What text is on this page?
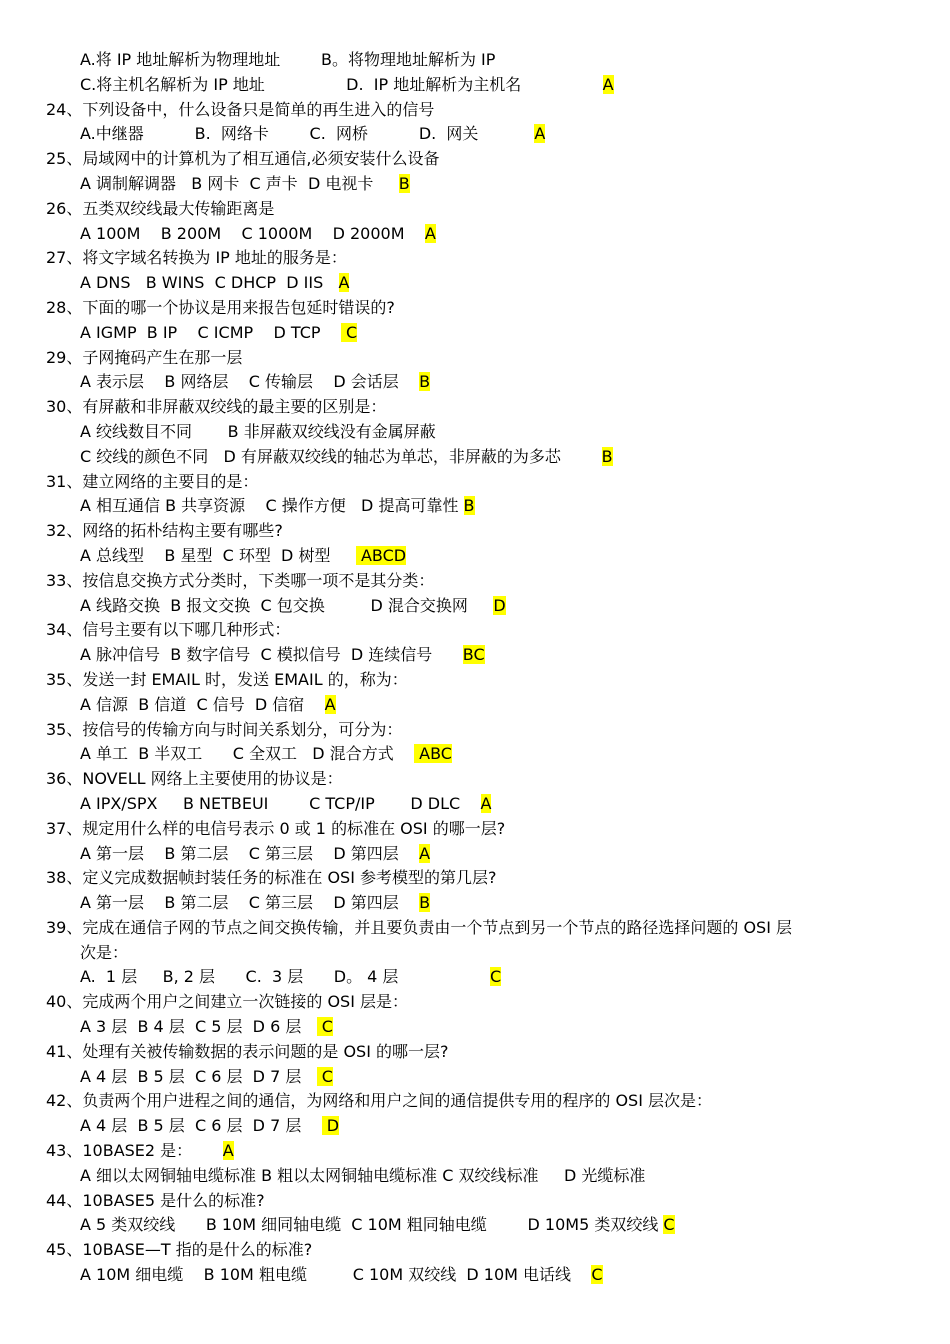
A.将 IP 地址解析为物理地址        B。将物理地址解析为 IP
C.将主机名解析为 IP 地址                D.  IP 地址解析为主机名                A
24、下列设备中，什么设备只是简单的再生进入的信号
A.中继器          B.  网络卡        C.  网桥          D.  网关           A
25、局域网中的计算机为了相互通信,必须安装什么设备
A 调制解调器   B 网卡  C 声卡  D 电视卡     B
26、五类双绞线最大传输距离是
A 100M    B 200M    C 1000M    D 2000M    A
27、将文字域名转换为 IP 地址的服务是：
A DNS   B WINS  C DHCP  D IIS   A
28、下面的哪一个协议是用来报告包延时错误的?
A IGMP  B IP    C ICMP    D TCP     C
29、子网掩码产生在那一层
A 表示层    B 网络层    C 传输层    D 会话层    B
30、有屏蔽和非屏蔽双绞线的最主要的区别是：
A 绞线数目不同       B 非屏蔽双绞线没有金属屏蔽
C 绞线的颜色不同   D 有屏蔽双绞线的轴芯为单芯，非屏蔽的为多芯        B
31、建立网络的主要目的是：
A 相互通信 B 共享资源    C 操作方便   D 提高可靠性 B
32、网络的拓朴结构主要有哪些?
A 总线型    B 星型  C 环型  D 树型      ABCD
33、按信息交换方式分类时，下类哪一项不是其分类：
A 线路交换  B 报文交换  C 包交换         D 混合交换网     D
34、信号主要有以下哪几种形式：
A 脉冲信号  B 数字信号  C 模拟信号  D 连续信号      BC
35、发送一封 EMAIL 时，发送 EMAIL 的，称为：
A 信源  B 信道  C 信号  D 信宿    A
35、按信号的传输方向与时间关系划分，可分为：
A 单工  B 半双工      C 全双工   D 混合方式     ABC
36、NOVELL 网络上主要使用的协议是：
A IPX/SPX     B NETBEUI        C TCP/IP       D DLC    A
37、规定用什么样的电信号表示 0 或 1 的标准在 OSI 的哪一层?
A 第一层    B 第二层    C 第三层    D 第四层    A
38、定义完成数据帧封装任务的标准在 OSI 参考模型的第几层?
A 第一层    B 第二层    C 第三层    D 第四层    B
39、完成在通信子网的节点之间交换传输，并且要负责由一个节点到另一个节点的路径选择问题的 OSI 层
次是：
A.  1 层     B, 2 层      C.  3 层      D。 4 层                  C
40、完成两个用户之间建立一次链接的 OSI 层是：
A 3 层  B 4 层  C 5 层  D 6 层    C
41、处理有关被传输数据的表示问题的是 OSI 的哪一层?
A 4 层  B 5 层  C 6 层  D 7 层    C
42、负责两个用户进程之间的通信，为网络和用户之间的通信提供专用的程序的 OSI 层次是：
A 4 层  B 5 层  C 6 层  D 7 层     D
43、10BASE2 是：      A
A 细以太网铜轴电缆标准 B 粗以太网铜轴电缆标准 C 双绞线标准     D 光缆标准
44、10BASE5 是什么的标准?
A 5 类双绞线      B 10M 细同轴电缆  C 10M 粗同轴电缆        D 10M5 类双绞线 C
45、10BASE—T 指的是什么的标准?
A 10M 细电缆    B 10M 粗电缆         C 10M 双绞线  D 10M 电话线    C
